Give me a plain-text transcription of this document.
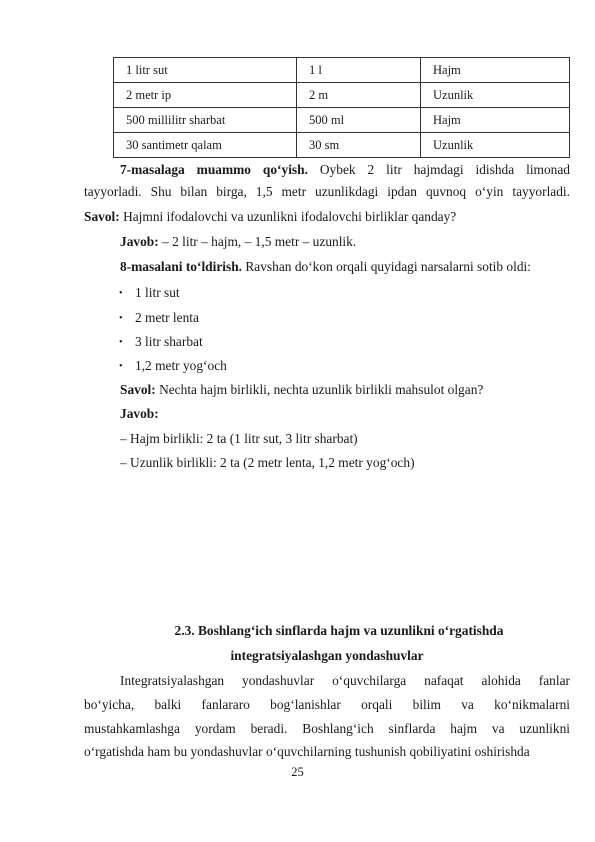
1 litr sut	1 l	Hajm
2 metr ip	2 m	Uzunlik
500 millilitr sharbat	500 ml	Hajm
30 santimetr qalam	30 sm	Uzunlik
7-masalaga muammo qo‘yish. Oybek 2 litr hajmdagi idishda limonad
tayyorladi. Shu bilan birga, 1,5 metr uzunlikdagi ipdan quvnoq o‘yin tayyorladi.
Savol: Hajmni ifodalovchi va uzunlikni ifodalovchi birliklar qanday?
Javob: – 2 litr – hajm, – 1,5 metr – uzunlik.
8-masalani to‘ldirish. Ravshan do‘kon orqali quyidagi narsalarni sotib oldi:
• 1 litr sut
• 2 metr lenta
• 3 litr sharbat
• 1,2 metr yog‘och
Savol: Nechta hajm birlikli, nechta uzunlik birlikli mahsulot olgan?
Javob:
– Hajm birlikli: 2 ta (1 litr sut, 3 litr sharbat)
– Uzunlik birlikli: 2 ta (2 metr lenta, 1,2 metr yog‘och)
2.3. Boshlang‘ich sinflarda hajm va uzunlikni o‘rgatishda
integratsiyalashgan yondashuvlar
Integratsiyalashgan yondashuvlar o‘quvchilarga nafaqat alohida fanlar
bo‘yicha, balki fanlararo bog‘lanishlar orqali bilim va ko‘nikmalarni
mustahkamlashga yordam beradi. Boshlang‘ich sinflarda hajm va uzunlikni
o‘rgatishda ham bu yondashuvlar o‘quvchilarning tushunish qobiliyatini oshirishda
25
